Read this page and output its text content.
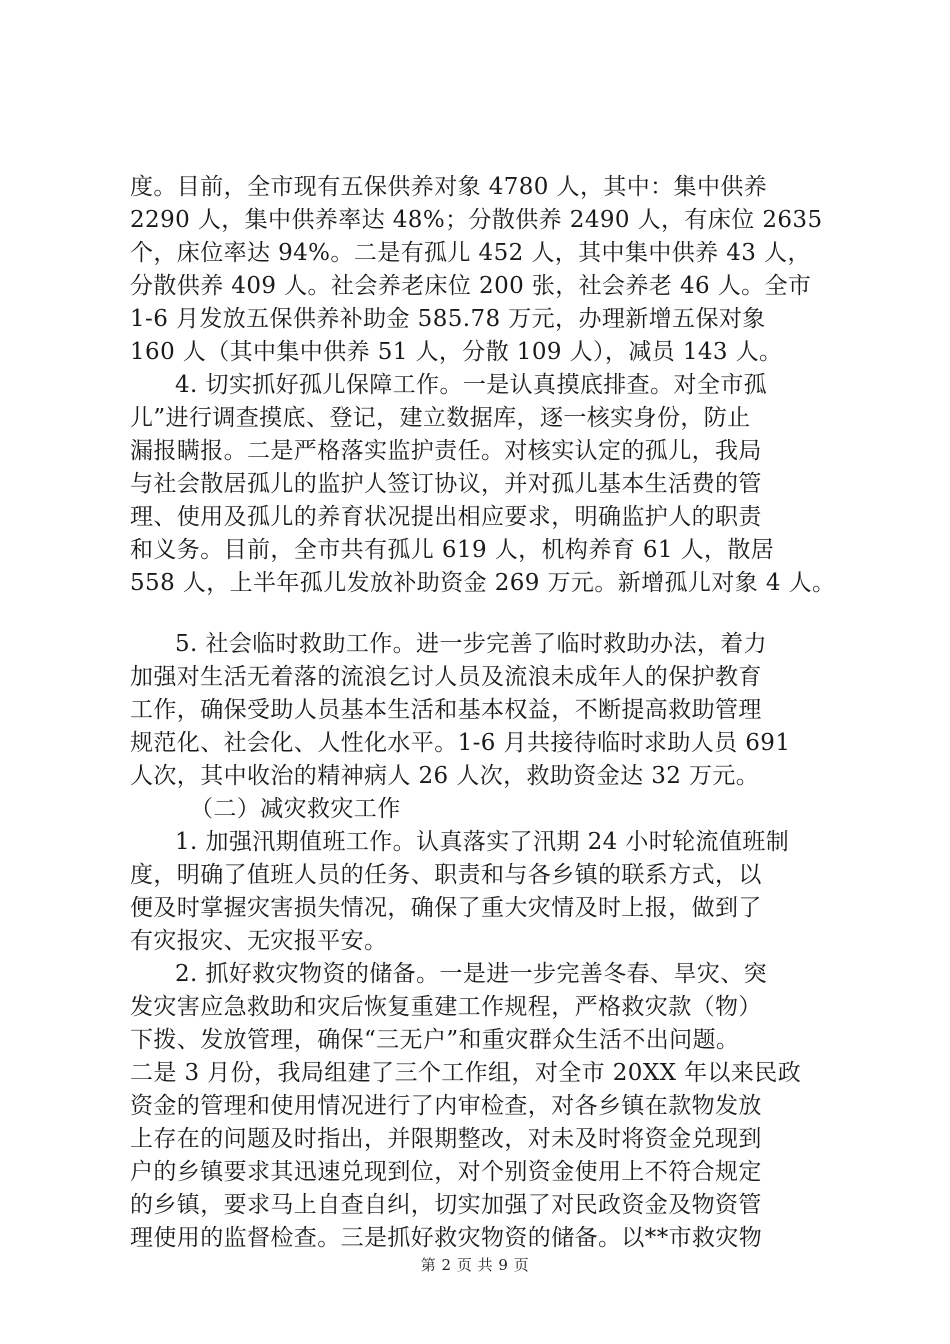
度。目前，全市现有五保供养对象 4780 人，其中：集中供养
2290 人，集中供养率达 48%；分散供养 2490 人，有床位 2635
个，床位率达 94%。二是有孤儿 452 人，其中集中供养 43 人，
分散供养 409 人。社会养老床位 200 张，社会养老 46 人。全市
1-6 月发放五保供养补助金 585.78 万元，办理新增五保对象
160 人（其中集中供养 51 人，分散 109 人），减员 143 人。
4. 切实抓好孤儿保障工作。一是认真摸底排查。对全市孤
儿”进行调查摸底、登记，建立数据库，逐一核实身份，防止
漏报瞒报。二是严格落实监护责任。对核实认定的孤儿，我局
与社会散居孤儿的监护人签订协议，并对孤儿基本生活费的管
理、使用及孤儿的养育状况提出相应要求，明确监护人的职责
和义务。目前，全市共有孤儿 619 人，机构养育 61 人，散居
558 人，上半年孤儿发放补助资金 269 万元。新增孤儿对象 4 人。
5. 社会临时救助工作。进一步完善了临时救助办法，着力
加强对生活无着落的流浪乞讨人员及流浪未成年人的保护教育
工作，确保受助人员基本生活和基本权益，不断提高救助管理
规范化、社会化、人性化水平。1-6 月共接待临时求助人员 691
人次，其中收治的精神病人 26 人次，救助资金达 32 万元。
（二）减灾救灾工作
1. 加强汛期值班工作。认真落实了汛期 24 小时轮流值班制
度，明确了值班人员的任务、职责和与各乡镇的联系方式，以
便及时掌握灾害损失情况，确保了重大灾情及时上报，做到了
有灾报灾、无灾报平安。
2. 抓好救灾物资的储备。一是进一步完善冬春、旱灾、突
发灾害应急救助和灾后恢复重建工作规程，严格救灾款（物）
下拨、发放管理，确保“三无户”和重灾群众生活不出问题。
二是 3 月份，我局组建了三个工作组，对全市 20XX 年以来民政
资金的管理和使用情况进行了内审检查，对各乡镇在款物发放
上存在的问题及时指出，并限期整改，对未及时将资金兑现到
户的乡镇要求其迅速兑现到位，对个别资金使用上不符合规定
的乡镇，要求马上自查自纠，切实加强了对民政资金及物资管
理使用的监督检查。三是抓好救灾物资的储备。以**市救灾物
第 2 页 共 9 页
